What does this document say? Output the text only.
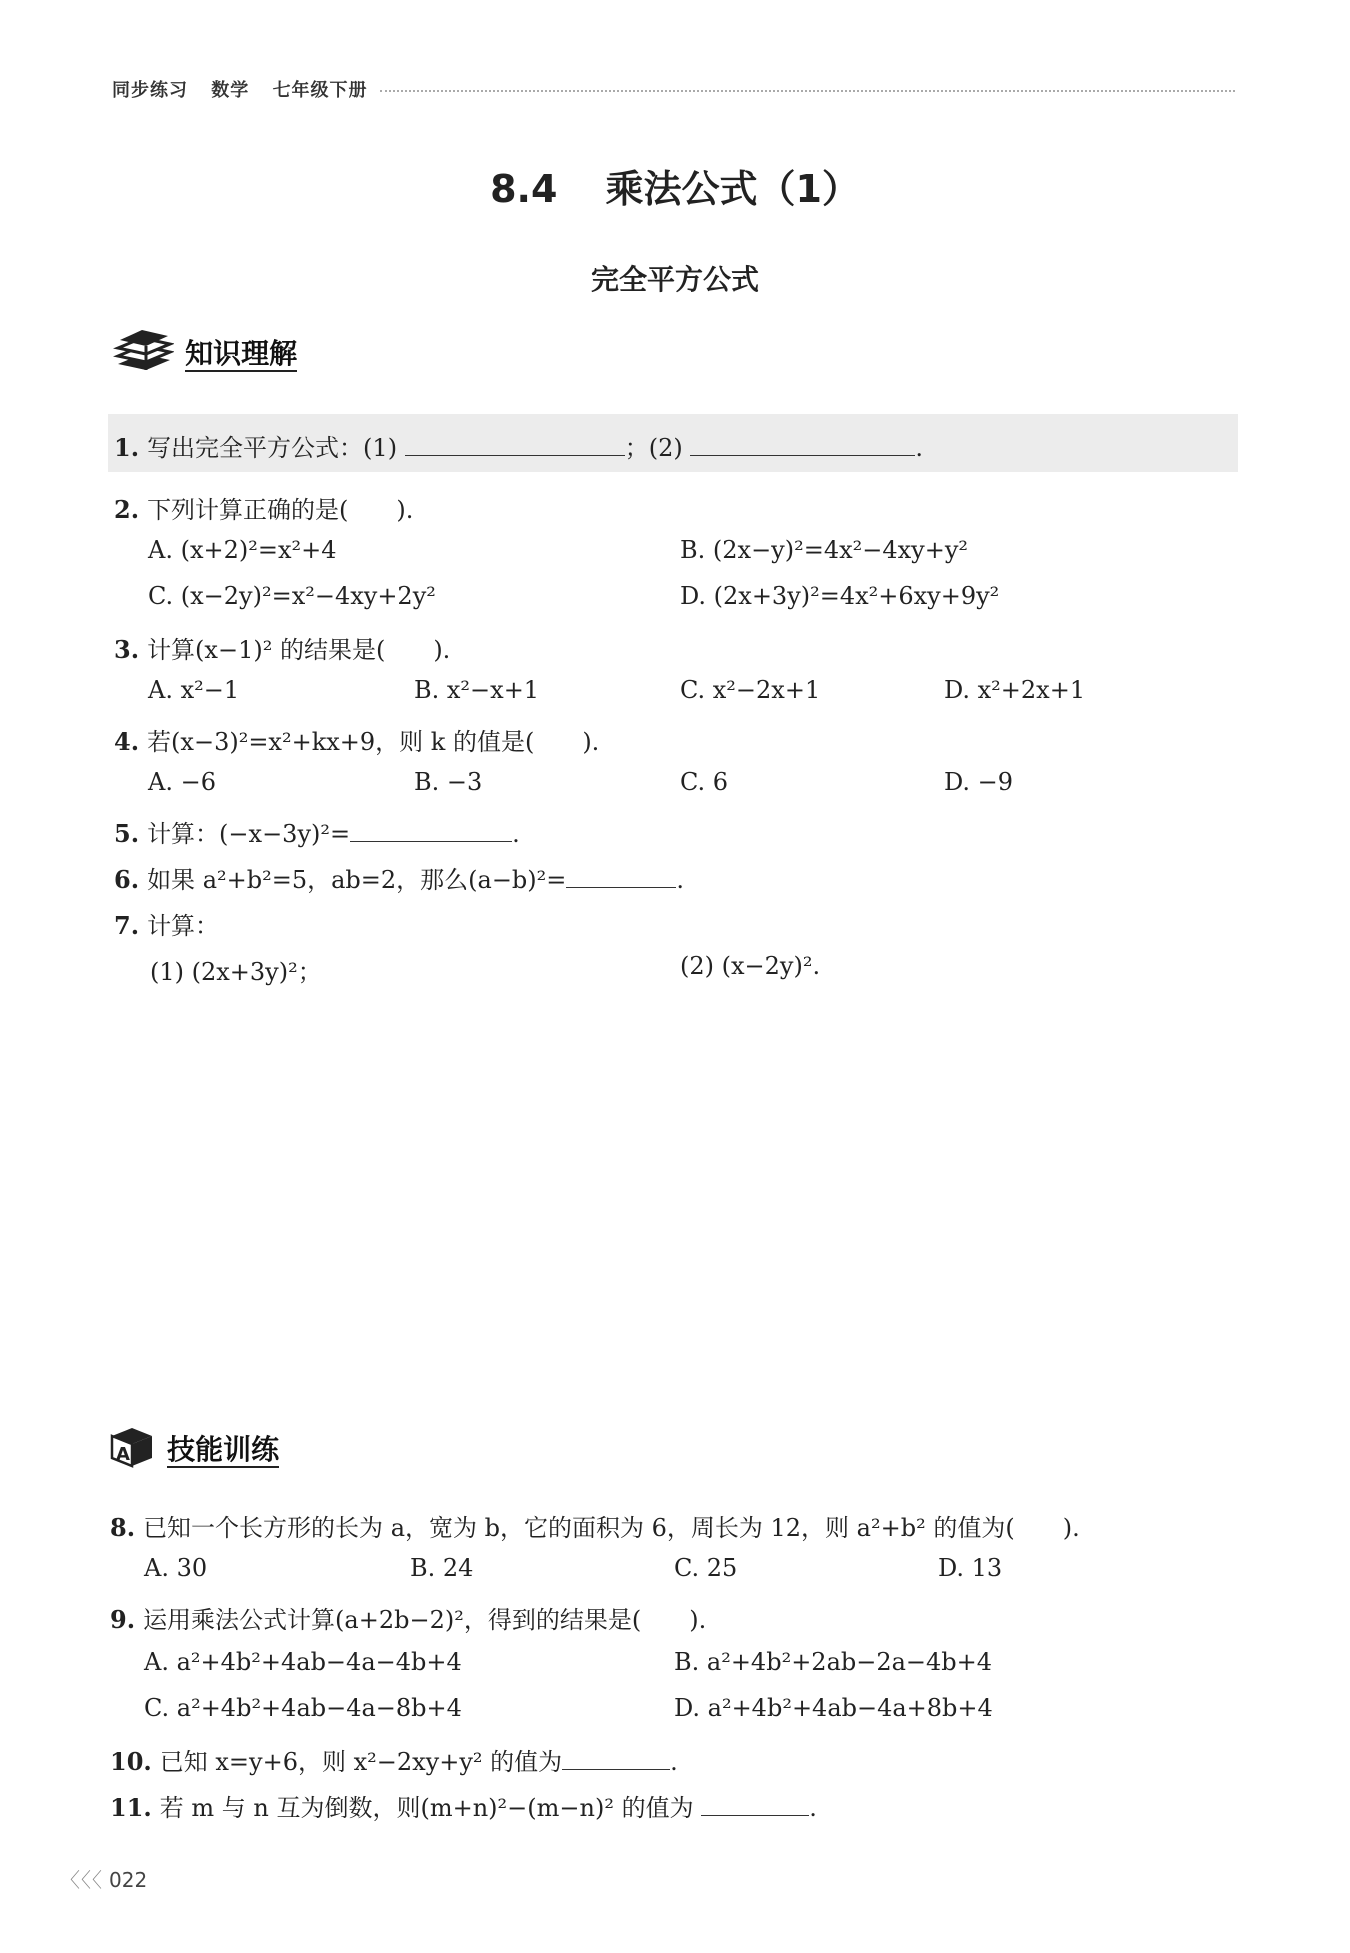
同步练习 数学 七年级下册
8.4 乘法公式（1）
完全平方公式
知识理解
1. 写出完全平方公式：(1)	；(2)	.
2. 下列计算正确的是(　　).
A. (x+2)²=x²+4	B. (2x−y)²=4x²−4xy+y²
C. (x−2y)²=x²−4xy+2y²	D. (2x+3y)²=4x²+6xy+9y²
3. 计算(x−1)² 的结果是(　　).
A. x²−1	B. x²−x+1	C. x²−2x+1	D. x²+2x+1
4. 若(x−3)²=x²+kx+9，则 k 的值是(　　).
A. −6	B. −3	C. 6	D. −9
5. 计算：(−x−3y)²=	.
6. 如果 a²+b²=5，ab=2，那么(a−b)²=	.
7. 计算：
(1) (2x+3y)²；	(2) (x−2y)².
A 技能训练
8. 已知一个长方形的长为 a，宽为 b，它的面积为 6，周长为 12，则 a²+b² 的值为(　　).
A. 30	B. 24	C. 25	D. 13
9. 运用乘法公式计算(a+2b−2)²，得到的结果是(　　).
A. a²+4b²+4ab−4a−4b+4	B. a²+4b²+2ab−2a−4b+4
C. a²+4b²+4ab−4a−8b+4	D. a²+4b²+4ab−4a+8b+4
10. 已知 x=y+6，则 x²−2xy+y² 的值为	.
11. 若 m 与 n 互为倒数，则(m+n)²−(m−n)² 的值为	.
〈〈〈 022
